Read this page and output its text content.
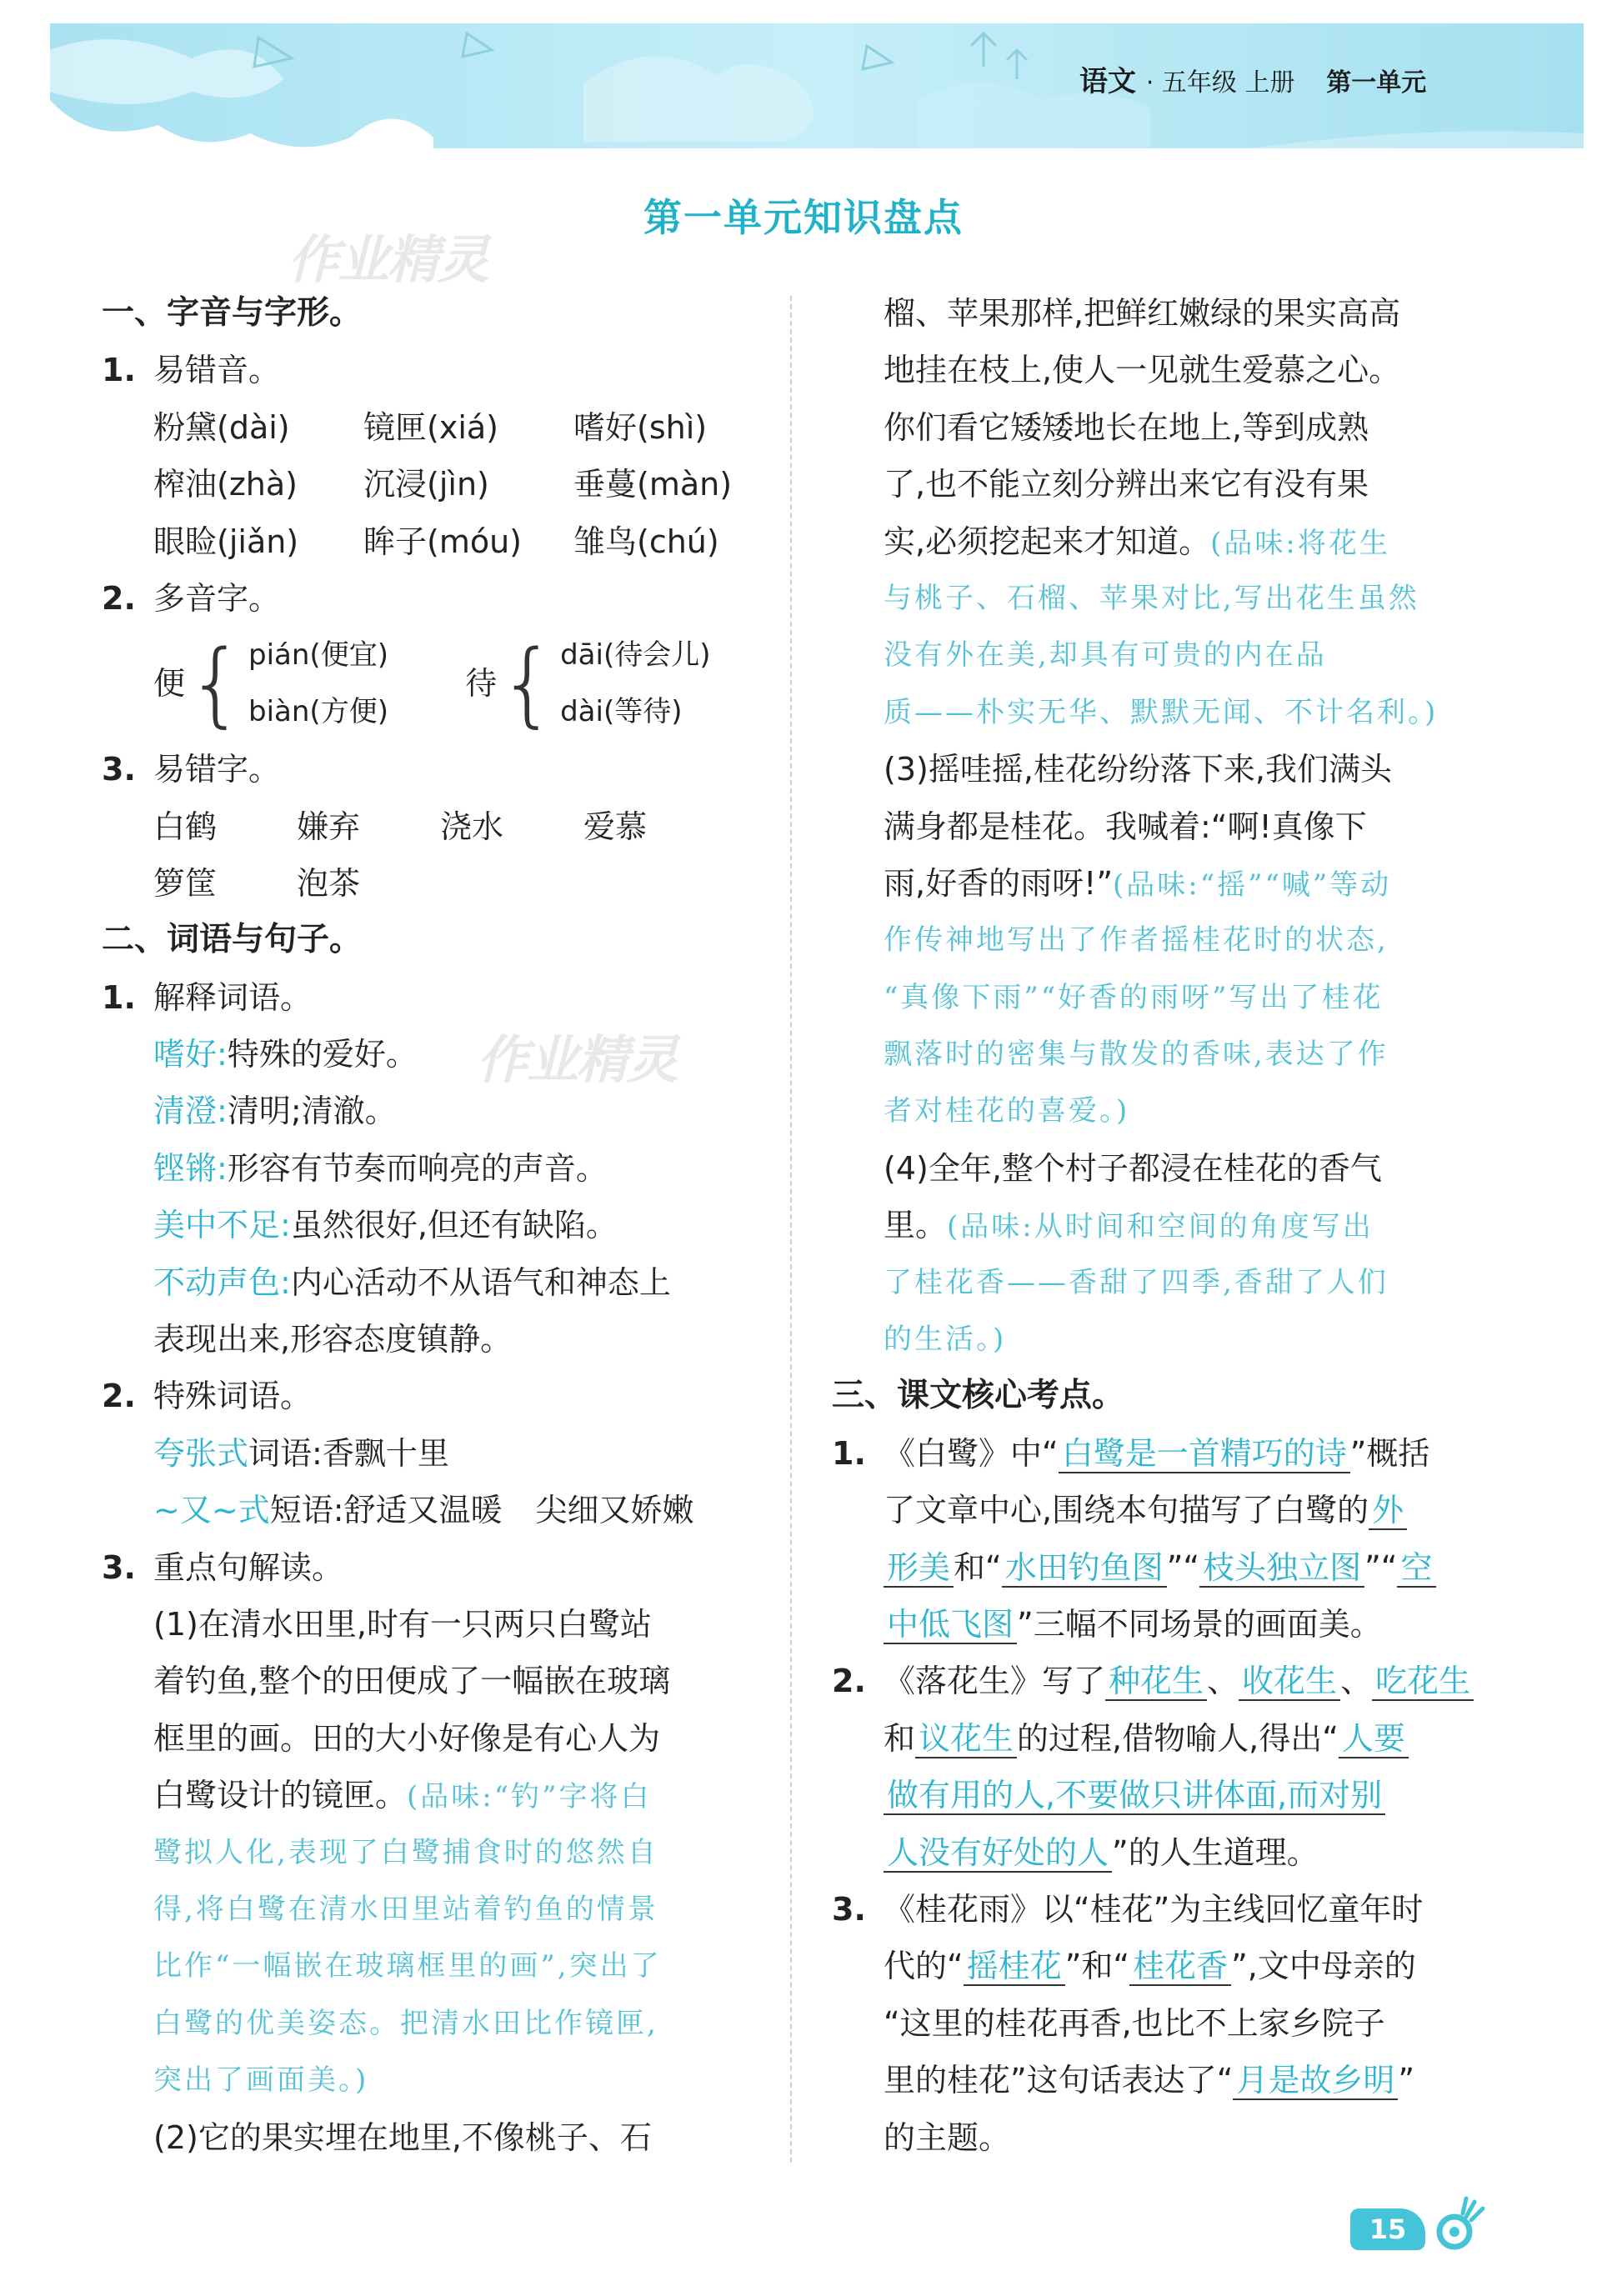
语文 · 五年级 上册 第一单元
第一单元知识盘点
作业精灵
作业精灵
一、字音与字形。
1. 易错音。
粉黛(dài) 镜匣(xiá) 嗜好(shì)
榨油(zhà) 沉浸(jìn)	垂蔓(màn)
眼睑(jiǎn) 眸子(móu) 雏鸟(chú)
2. 多音字。
便{ pián(便宜)
biàn(方便)
待{ dāi(待会儿)
dài(等待)
3. 易错字。
白鹤	嫌弃	浇水	爱慕
箩筐	泡茶
二、词语与句子。
1. 解释词语。
嗜好:特殊的爱好。
清澄:清明;清澈。
铿锵:形容有节奏而响亮的声音。
美中不足:虽然很好,但还有缺陷。
不动声色:内心活动不从语气和神态上
表现出来,形容态度镇静。
2. 特殊词语。
夸张式词语:香飘十里
~又~式短语:舒适又温暖 尖细又娇嫩
3. 重点句解读。
(1)在清水田里,时有一只两只白鹭站
着钓鱼,整个的田便成了一幅嵌在玻璃
框里的画。田的大小好像是有心人为
白鹭设计的镜匣。(品味:“钓”字将白
鹭拟人化,表现了白鹭捕食时的悠然自
得,将白鹭在清水田里站着钓鱼的情景
比作“一幅嵌在玻璃框里的画”,突出了
白鹭的优美姿态。把清水田比作镜匣,
突出了画面美。)
(2)它的果实埋在地里,不像桃子、石
榴、苹果那样,把鲜红嫩绿的果实高高
地挂在枝上,使人一见就生爱慕之心。
你们看它矮矮地长在地上,等到成熟
了,也不能立刻分辨出来它有没有果
实,必须挖起来才知道。(品味:将花生
与桃子、石榴、苹果对比,写出花生虽然
没有外在美,却具有可贵的内在品
质——朴实无华、默默无闻、不计名利。)
(3)摇哇摇,桂花纷纷落下来,我们满头
满身都是桂花。我喊着:“啊!真像下
雨,好香的雨呀!”(品味:“摇”“喊”等动
作传神地写出了作者摇桂花时的状态,
“真像下雨”“好香的雨呀”写出了桂花
飘落时的密集与散发的香味,表达了作
者对桂花的喜爱。)
(4)全年,整个村子都浸在桂花的香气
里。(品味:从时间和空间的角度写出
了桂花香——香甜了四季,香甜了人们
的生活。)
三、课文核心考点。
1. 《白鹭》中“ 白鹭是一首精巧的诗 ”概括
了文章中心,围绕本句描写了白鹭的 外
形美 和“ 水田钓鱼图 ”“ 枝头独立图 ”“ 空
中低飞图 ”三幅不同场景的画面美。
2. 《落花生》写了 种花生 、 收花生 、 吃花生
和 议花生 的过程,借物喻人,得出“ 人要
做有用的人,不要做只讲体面,而对别
人没有好处的人 ”的人生道理。
3. 《桂花雨》以“桂花”为主线回忆童年时
代的“ 摇桂花 ”和“ 桂花香 ”,文中母亲的
“这里的桂花再香,也比不上家乡院子
里的桂花”这句话表达了“ 月是故乡明 ”
的主题。
15
